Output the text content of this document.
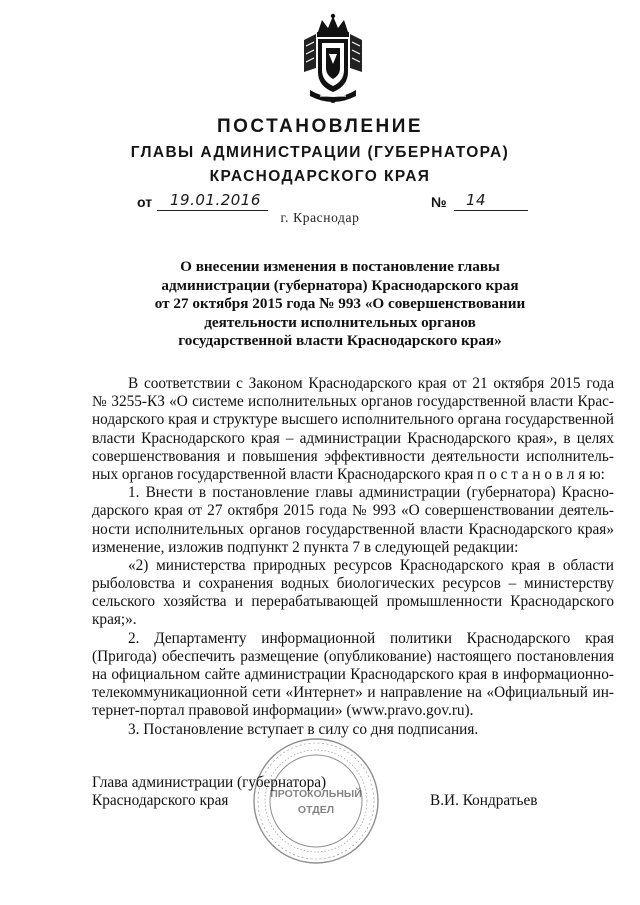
ПОСТАНОВЛЕНИЕ
ГЛАВЫ АДМИНИСТРАЦИИ (ГУБЕРНАТОРА)
КРАСНОДАРСКОГО КРАЯ
от 19.01.2016	№ 14
г. Краснодар
О внесении изменения в постановление главы
администрации (губернатора) Краснодарского края
от 27 октября 2015 года № 993 «О совершенствовании
деятельности исполнительных органов
государственной власти Краснодарского края»
В соответствии с Законом Краснодарского края от 21 октября 2015 года
№ 3255-КЗ «О системе исполнительных органов государственной власти Крас-
нодарского края и структуре высшего исполнительного органа государственной
власти Краснодарского края – администрации Краснодарского края», в целях
совершенствования и повышения эффективности деятельности исполнитель-
ных органов государственной власти Краснодарского края п о с т а н о в л я ю:
1. Внести в постановление главы администрации (губернатора) Красно-
дарского края от 27 октября 2015 года № 993 «О совершенствовании деятель-
ности исполнительных органов государственной власти Краснодарского края»
изменение, изложив подпункт 2 пункта 7 в следующей редакции:
«2) министерства природных ресурсов Краснодарского края в области
рыболовства и сохранения водных биологических ресурсов – министерству
сельского хозяйства и перерабатывающей промышленности Краснодарского
края;».
2. Департаменту информационной политики Краснодарского края
(Пригода) обеспечить размещение (опубликование) настоящего постановления
на официальном сайте администрации Краснодарского края в информационно-
телекоммуникационной сети «Интернет» и направление на «Официальный ин-
тернет-портал правовой информации» (www.pravo.gov.ru).
3. Постановление вступает в силу со дня подписания.
Глава администрации (губернатора)
Краснодарского края	В.И. Кондратьев
ПРОТОКОЛЬНЫЙ
ОТДЕЛ
